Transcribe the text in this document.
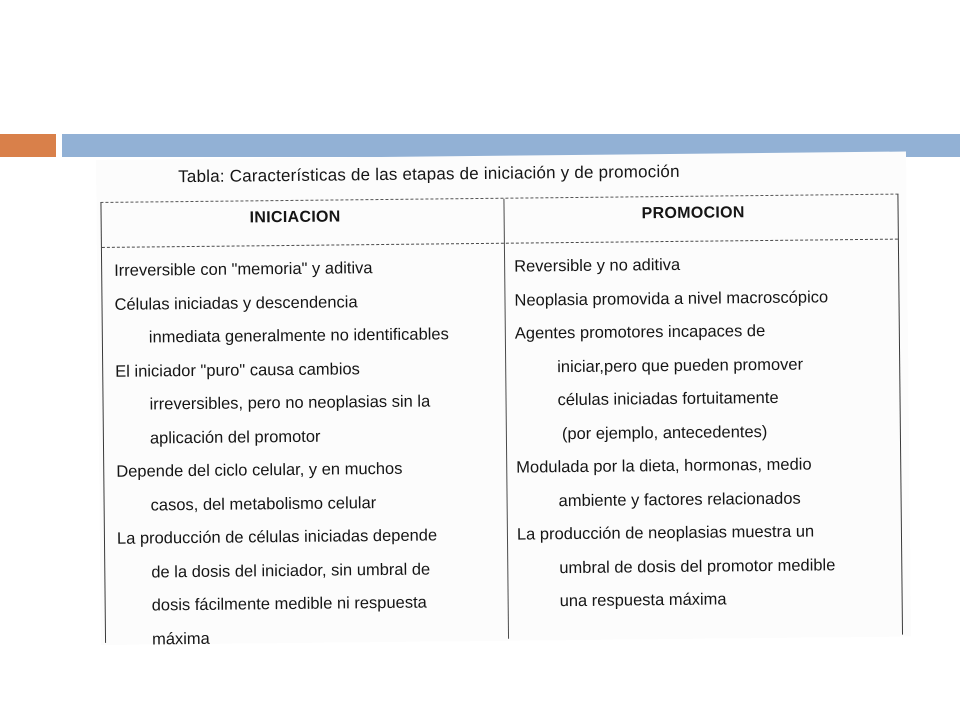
Tabla: Características de las etapas de iniciación y de promoción

INICIACION	PROMOCION

Irreversible con "memoria" y aditiva
Células iniciadas y descendencia
inmediata generalmente no identificables
El iniciador "puro" causa cambios
irreversibles, pero no neoplasias sin la
aplicación del promotor
Depende del ciclo celular, y en muchos
casos, del metabolismo celular
La producción de células iniciadas depende
de la dosis del iniciador, sin umbral de
dosis fácilmente medible ni respuesta
máxima
Reversible y no aditiva
Neoplasia promovida a nivel macroscópico
Agentes promotores incapaces de
iniciar,pero que pueden promover
células iniciadas fortuitamente
(por ejemplo, antecedentes)
Modulada por la dieta, hormonas, medio
ambiente y factores relacionados
La producción de neoplasias muestra un
umbral de dosis del promotor medible
una respuesta máxima
